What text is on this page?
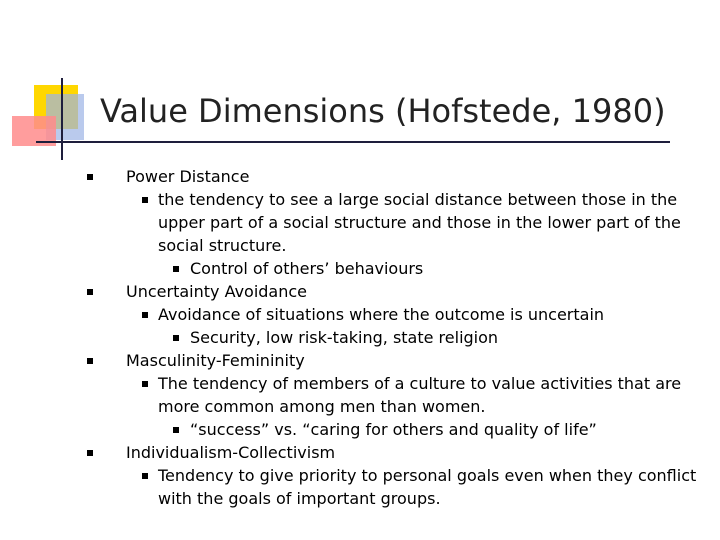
Value Dimensions (Hofstede, 1980)
Power Distance
the tendency to see a large social distance between those in the upper part of a social structure and those in the lower part of the social structure.
Control of others’ behaviours
Uncertainty Avoidance
Avoidance of situations where the outcome is uncertain
Security, low risk-taking, state religion
Masculinity-Femininity
The tendency of members of a culture to value activities that are more common among men than women.
“success” vs. “caring for others and quality of life”
Individualism-Collectivism
Tendency to give priority to personal goals even when they conflict with the goals of important groups.
